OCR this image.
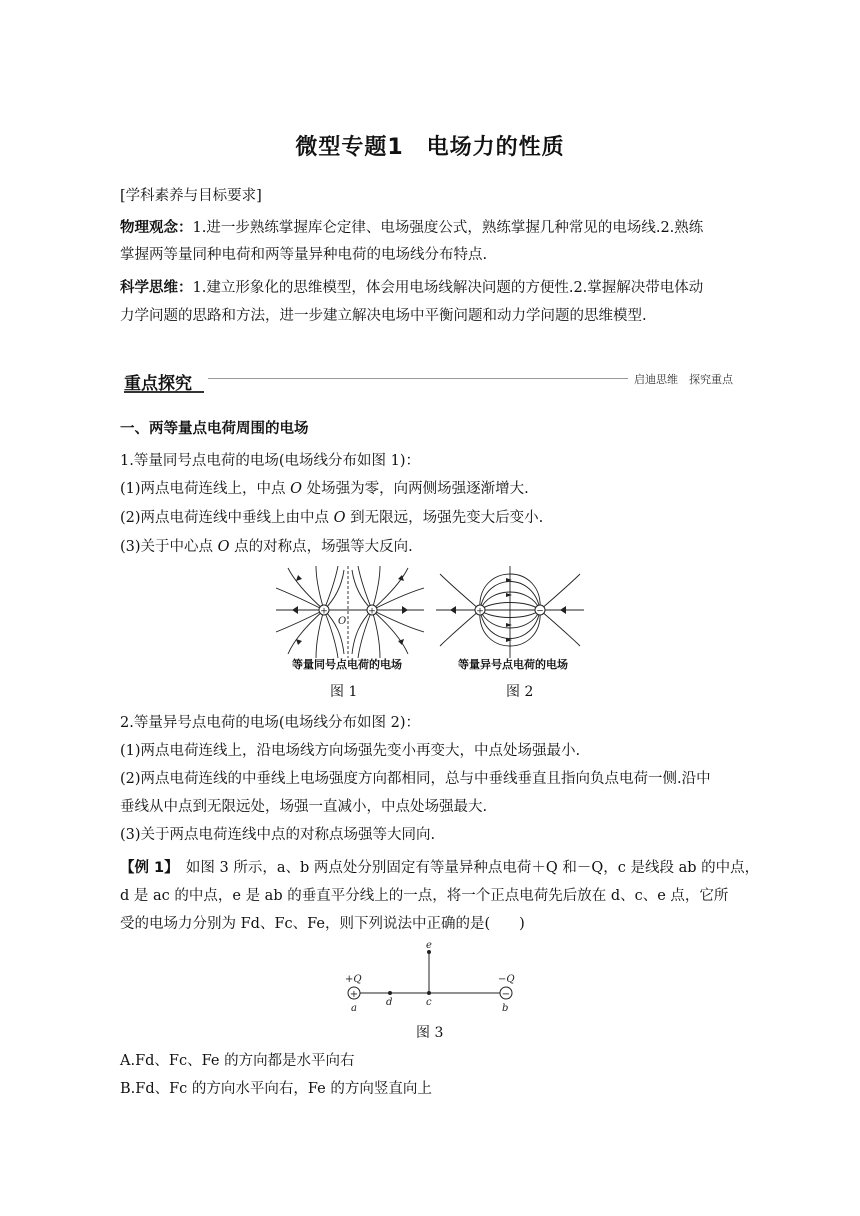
微型专题1　电场力的性质
[学科素养与目标要求]
物理观念：1.进一步熟练掌握库仑定律、电场强度公式，熟练掌握几种常见的电场线.2.熟练
掌握两等量同种电荷和两等量异种电荷的电场线分布特点.
科学思维：1.建立形象化的思维模型，体会用电场线解决问题的方便性.2.掌握解决带电体动
力学问题的思路和方法，进一步建立解决电场中平衡问题和动力学问题的思维模型.
重点探究	启迪思维　探究重点
一、两等量点电荷周围的电场
1.等量同号点电荷的电场(电场线分布如图 1)：
(1)两点电荷连线上，中点 O 处场强为零，向两侧场强逐渐增大.
(2)两点电荷连线中垂线上由中点 O 到无限远，场强先变大后变小.
(3)关于中心点 O 点的对称点，场强等大反向.
+	+
O
+	−
等量同号点电荷的电场	等量异号点电荷的电场
图 1	图 2
2.等量异号点电荷的电场(电场线分布如图 2)：
(1)两点电荷连线上，沿电场线方向场强先变小再变大，中点处场强最小.
(2)两点电荷连线的中垂线上电场强度方向都相同，总与中垂线垂直且指向负点电荷一侧.沿中
垂线从中点到无限远处，场强一直减小，中点处场强最大.
(3)关于两点电荷连线中点的对称点场强等大同向.
【例 1】　 如图 3 所示，a、b 两点处分别固定有等量异种点电荷＋Q 和－Q，c 是线段 ab 的中点，
d 是 ac 的中点，e 是 ab 的垂直平分线上的一点，将一个正点电荷先后放在 d、c、e 点，它所
受的电场力分别为 Fd、Fc、Fe，则下列说法中正确的是(　　)
+	−
+Q	−Q
a	b
c
d
e
图 3
A.Fd、Fc、Fe 的方向都是水平向右
B.Fd、Fc 的方向水平向右，Fe 的方向竖直向上
